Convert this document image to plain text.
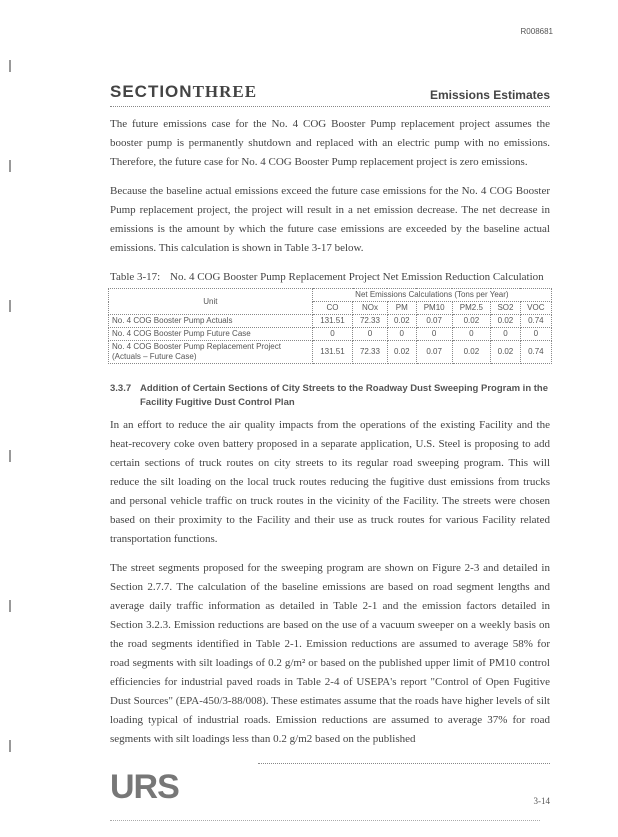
R008681
SECTIONTHREE	Emissions Estimates

The future emissions case for the No. 4 COG Booster Pump replacement project assumes the booster pump is permanently shutdown and replaced with an electric pump with no emissions. Therefore, the future case for No. 4 COG Booster Pump replacement project is zero emissions.

Because the baseline actual emissions exceed the future case emissions for the No. 4 COG Booster Pump replacement project, the project will result in a net emission decrease. The net decrease in emissions is the amount by which the future case emissions are exceeded by the baseline actual emissions. This calculation is shown in Table 3-17 below.

Table 3-17: No. 4 COG Booster Pump Replacement Project Net Emission Reduction Calculation
Unit	Net Emissions Calculations (Tons per Year)						
	CO	NOx	PM	PM10	PM2.5	SO2	VOC
No. 4 COG Booster Pump Actuals	131.51	72.33	0.02	0.07	0.02	0.02	0.74
No. 4 COG Booster Pump Future Case	0	0	0	0	0	0	0
No. 4 COG Booster Pump Replacement Project (Actuals – Future Case)	131.51	72.33	0.02	0.07	0.02	0.02	0.74
3.3.7 Addition of Certain Sections of City Streets to the Roadway Dust Sweeping Program in the Facility Fugitive Dust Control Plan

In an effort to reduce the air quality impacts from the operations of the existing Facility and the heat-recovery coke oven battery proposed in a separate application, U.S. Steel is proposing to add certain sections of truck routes on city streets to its regular road sweeping program. This will reduce the silt loading on the local truck routes reducing the fugitive dust emissions from trucks and personal vehicle traffic on truck routes in the vicinity of the Facility. The streets were chosen based on their proximity to the Facility and their use as truck routes for various Facility related transportation functions.

The street segments proposed for the sweeping program are shown on Figure 2-3 and detailed in Section 2.7.7. The calculation of the baseline emissions are based on road segment lengths and average daily traffic information as detailed in Table 2-1 and the emission factors detailed in Section 3.2.3. Emission reductions are based on the use of a vacuum sweeper on a weekly basis on the road segments identified in Table 2-1. Emission reductions are assumed to average 58% for road segments with silt loadings of 0.2 g/m² or based on the published upper limit of PM10 control efficiencies for industrial paved roads in Table 2-4 of USEPA's report "Control of Open Fugitive Dust Sources" (EPA-450/3-88/008). These estimates assume that the roads have higher levels of silt loading typical of industrial roads. Emission reductions are assumed to average 37% for road segments with silt loadings less than 0.2 g/m2 based on the published

URS	3-14
